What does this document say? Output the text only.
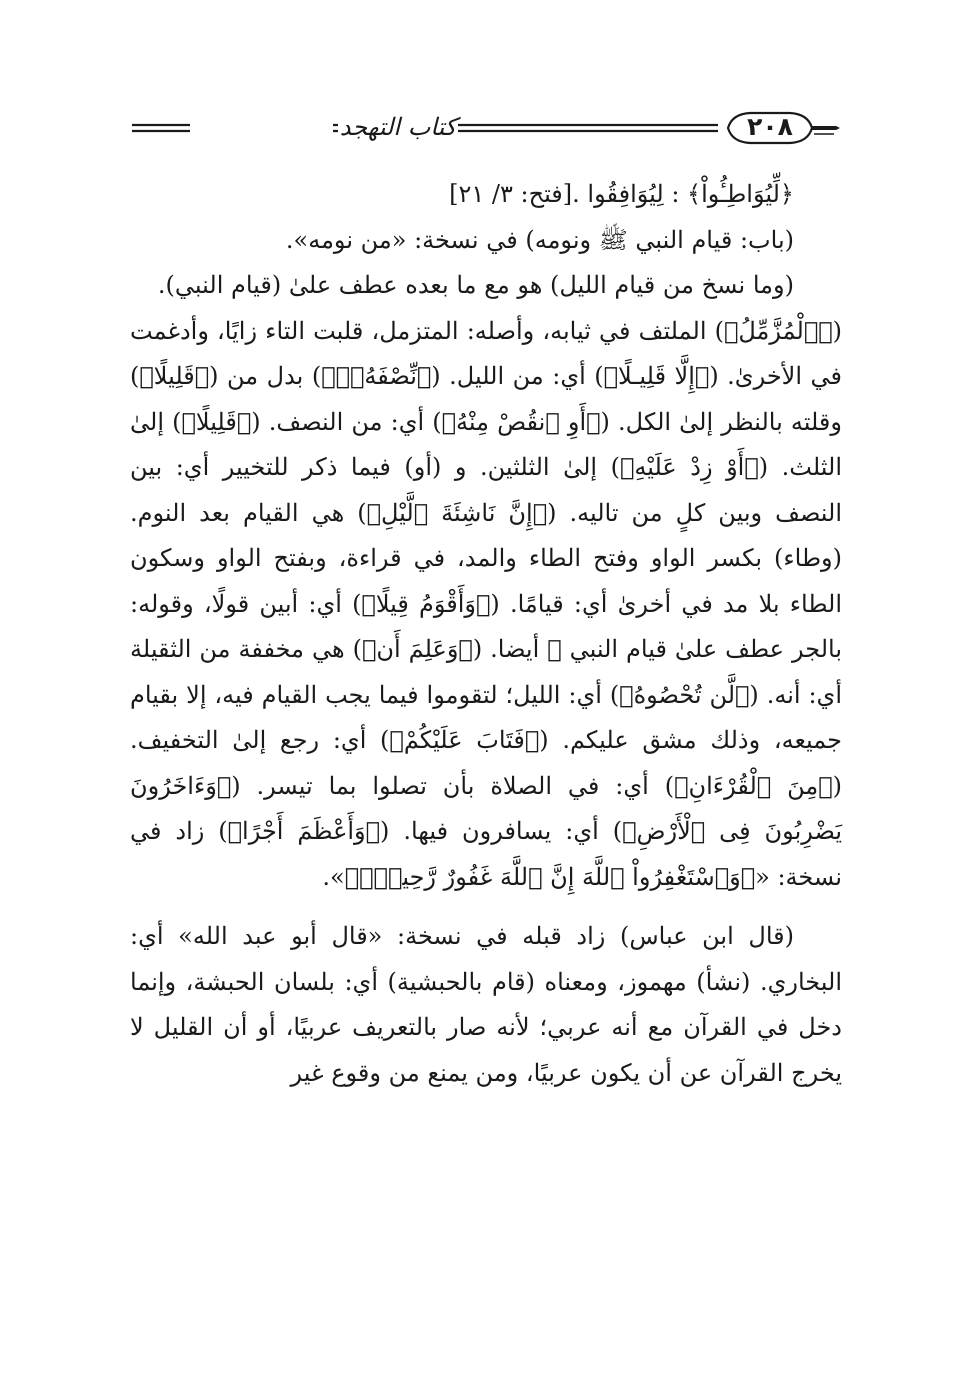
كتاب التهجد	٢٠٨

﴿لِّيُوَاطِـُٔواْ﴾ : لِيُوَافِقُوا .[فتح: ٣/ ٢١]

(باب: قيام النبي ﷺ ونومه) في نسخة: «من نومه».

(وما نسخ من قيام الليل) هو مع ما بعده عطف علىٰ (قيام النبي).

(﴿ٱلْمُزَّمِّلُ﴾) الملتف في ثيابه، وأصله: المتزمل، قلبت التاء زايًا، وأدغمت في الأخرىٰ. (﴿إِلَّا قَلِيـلًا﴾) أي: من الليل. (﴿نِّصْفَهُۥٓ﴾) بدل من (﴿قَلِيلًا﴾) وقلته بالنظر إلىٰ الكل. (﴿أَوِ ٱنقُصْ مِنْهُ﴾) أي: من النصف. (﴿قَلِيلًا﴾) إلىٰ الثلث. (﴿أَوْ زِدْ عَلَيْهِ﴾) إلىٰ الثلثين. و (أو) فيما ذكر للتخيير أي: بين النصف وبين كلٍ من تاليه. (﴿إِنَّ نَاشِئَةَ ٱلَّيْلِ﴾) هي القيام بعد النوم. (وطاء) بكسر الواو وفتح الطاء والمد، في قراءة، وبفتح الواو وسكون الطاء بلا مد في أخرىٰ أي: قيامًا. (﴿وَأَقْوَمُ قِيلًا﴾) أي: أبين قولًا، وقوله: بالجر عطف علىٰ قيام النبي ﷺ أيضا. (﴿وَعَلِمَ أَن﴾) هي مخففة من الثقيلة أي: أنه. (﴿لَّن تُحْصُوهُ﴾) أي: الليل؛ لتقوموا فيما يجب القيام فيه، إلا بقيام جميعه، وذلك مشق عليكم. (﴿فَتَابَ عَلَيْكُمْ﴾) أي: رجع إلىٰ التخفيف. (﴿مِنَ ٱلْقُرْءَانِ﴾) أي: في الصلاة بأن تصلوا بما تيسر. (﴿وَءَاخَرُونَ يَضْرِبُونَ فِى ٱلْأَرْضِ﴾) أي: يسافرون فيها. (﴿وَأَعْظَمَ أَجْرًا﴾) زاد في نسخة: «﴿وَٱسْتَغْفِرُواْ ٱللَّهَ إِنَّ ٱللَّهَ غَفُورٌ رَّحِيمٌۢ﴾».

(قال ابن عباس) زاد قبله في نسخة: «قال أبو عبد الله» أي: البخاري. (نشأ) مهموز، ومعناه (قام بالحبشية) أي: بلسان الحبشة، وإنما دخل في القرآن مع أنه عربي؛ لأنه صار بالتعريف عربيًا، أو أن القليل لا يخرج القرآن عن أن يكون عربيًا، ومن يمنع من وقوع غير
